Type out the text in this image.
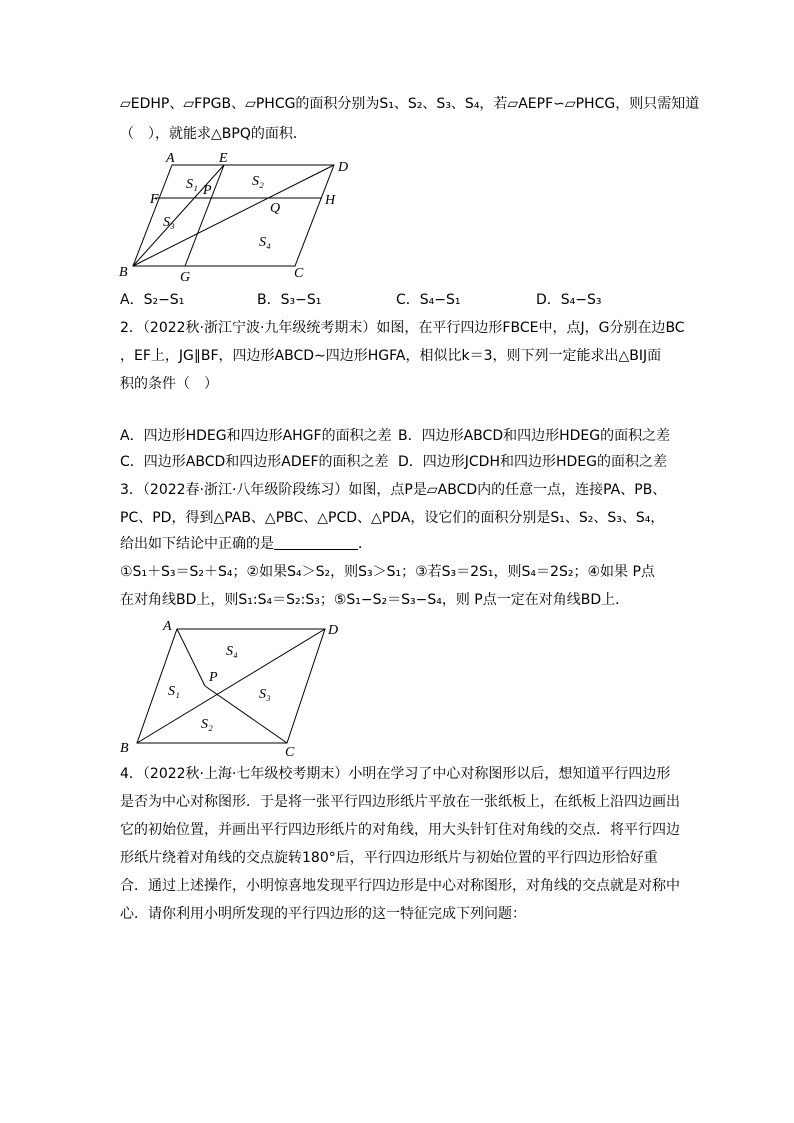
▱EDHP、▱FPGB、▱PHCG的面积分别为S₁、S₂、S₃、S₄，若▱AEPF∽▱PHCG，则只需知道
（　），就能求△BPQ的面积．
A	E
D
F
P
Q
H
B	G	C
S₁	S₂
S₃
S₄
A．S₂−S₁	B．S₃−S₁	C．S₄−S₁	D．S₄−S₃
2．（2022秋·浙江宁波·九年级统考期末）如图，在平行四边形FBCE中，点J，G分别在边BC
，EF上，JG∥BF，四边形ABCD∼四边形HGFA，相似比k＝3，则下列一定能求出△BIJ面
积的条件（　）
A．四边形HDEG和四边形AHGF的面积之差 B．四边形ABCD和四边形HDEG的面积之差
C．四边形ABCD和四边形ADEF的面积之差 D．四边形JCDH和四边形HDEG的面积之差
3．（2022春·浙江·八年级阶段练习）如图，点P是▱ABCD内的任意一点，连接PA、PB、
PC、PD，得到△PAB、△PBC、△PCD、△PDA，设它们的面积分别是S₁、S₂、S₃、S₄，
给出如下结论中正确的是	．
①S₁＋S₃＝S₂＋S₄；②如果S₄＞S₂，则S₃＞S₁；③若S₃＝2S₁，则S₄＝2S₂；④如果 P点
在对角线BD上，则S₁:S₄＝S₂:S₃；⑤S₁−S₂＝S₃−S₄，则 P点一定在对角线BD上．
A	D
P
B	C
S₁
S₂
S₃
S₄
4．（2022秋·上海·七年级校考期末）小明在学习了中心对称图形以后，想知道平行四边形
是否为中心对称图形．于是将一张平行四边形纸片平放在一张纸板上，在纸板上沿四边画出
它的初始位置，并画出平行四边形纸片的对角线，用大头针钉住对角线的交点．将平行四边
形纸片绕着对角线的交点旋转180°后，平行四边形纸片与初始位置的平行四边形恰好重
合．通过上述操作，小明惊喜地发现平行四边形是中心对称图形，对角线的交点就是对称中
心．请你利用小明所发现的平行四边形的这一特征完成下列问题：
